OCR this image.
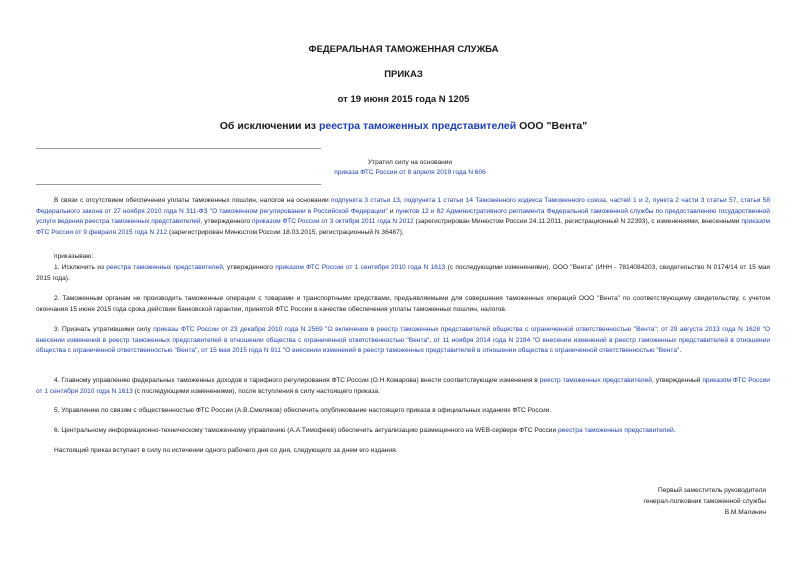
ФЕДЕРАЛЬНАЯ ТАМОЖЕННАЯ СЛУЖБА
ПРИКАЗ
от 19 июня 2015 года N 1205
Об исключении из реестра таможенных представителей ООО "Вента"
Утратил силу на основании
приказа ФТС России от 8 апреля 2019 года N 606
В связи с отсутствием обеспечения уплаты таможенных пошлин, налогов на основании подпункта 3 статьи 13, подпункта 1 статьи 14 Таможенного кодекса Таможенного союза, частей 1 и 2, пункта 2 части 3 статьи 57, статьи 58 Федерального закона от 27 ноября 2010 года N 311-ФЗ "О таможенном регулировании в Российской Федерации" и пунктов 12 и 82 Административного регламента Федеральной таможенной службы по предоставлению государственной услуги ведения реестра таможенных представителей, утвержденного приказом ФТС России от 3 октября 2011 года N 2012 (зарегистрирован Минюстом России 24.11.2011, регистрационный N 22393), с изменениями, внесенными приказом ФТС России от 9 февраля 2015 года N 212 (зарегистрирован Минюстом России 18.03.2015, регистрационный N 36487),
приказываю:
1. Исключить из реестра таможенных представителей, утвержденного приказом ФТС России от 1 сентября 2010 года N 1613 (с последующими изменениями), ООО "Вента" (ИНН - 7814084203, свидетельство N 0174/14 от 15 мая 2015 года).
2. Таможенным органам не производить таможенные операции с товарами и транспортными средствами, предъявляемыми для совершения таможенных операций ООО "Вента" по соответствующему свидетельству, с учетом окончания 15 июня 2015 года срока действия банковской гарантии, принятой ФТС России в качестве обеспечения уплаты таможенных пошлин, налогов.
3. Признать утратившими силу приказы ФТС России от 23 декабря 2010 года N 2569 "О включении в реестр таможенных представителей общества с ограниченной ответственностью "Вента"; от 29 августа 2013 года N 1628 "О внесении изменений в реестр таможенных представителей в отношении общества с ограниченной ответственностью "Вента", от 11 ноября 2014 года N 2184 "О внесении изменений в реестр таможенных представителей в отношении общества с ограниченной ответственностью "Вента", от 15 мая 2015 года N 911 "О внесении изменений в реестр таможенных представителей в отношении общества с ограниченной ответственностью "Вента".
4. Главному управлению федеральных таможенных доходов и тарифного регулирования ФТС России (О.Н.Комарова) внести соответствующие изменения в реестр таможенных представителей, утвержденный приказом ФТС России от 1 сентября 2010 года N 1613 (с последующими изменениями), после вступления в силу настоящего приказа.
5. Управлению по связям с общественностью ФТС России (А.В.Смеляков) обеспечить опубликование настоящего приказа в официальных изданиях ФТС России.
6. Центральному информационно-техническому таможенному управлению (А.А.Тимофеев) обеспечить актуализацию размещенного на WEB-сервере ФТС России реестра таможенных представителей.
Настоящий приказ вступает в силу по истечении одного рабочего дня со дня, следующего за днем его издания.
Первый заместитель руководителя
генерал-полковник таможенной службы
В.М.Малинин
